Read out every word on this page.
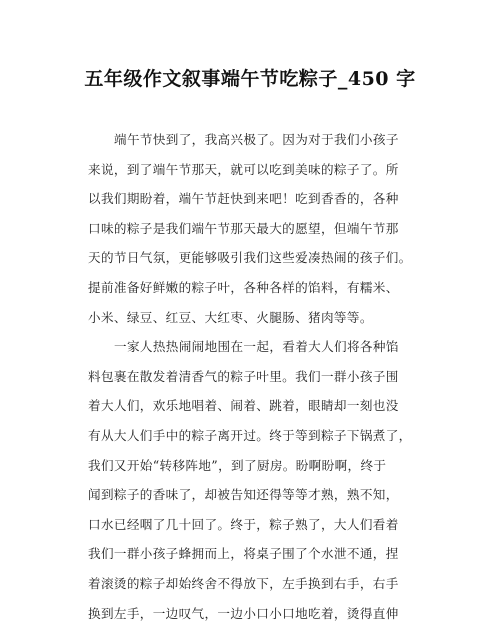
五年级作文叙事端午节吃粽子_450 字
端午节快到了，我高兴极了。因为对于我们小孩子
来说，到了端午节那天，就可以吃到美味的粽子了。所
以我们期盼着，端午节赶快到来吧！吃到香香的，各种
口味的粽子是我们端午节那天最大的愿望，但端午节那
天的节日气氛，更能够吸引我们这些爱凑热闹的孩子们。
提前准备好鲜嫩的粽子叶，各种各样的馅料，有糯米、
小米、绿豆、红豆、大红枣、火腿肠、猪肉等等。
一家人热热闹闹地围在一起，看着大人们将各种馅
料包裹在散发着清香气的粽子叶里。我们一群小孩子围
着大人们，欢乐地唱着、闹着、跳着，眼睛却一刻也没
有从大人们手中的粽子离开过。终于等到粽子下锅煮了，
我们又开始“转移阵地”，到了厨房。盼啊盼啊，终于
闻到粽子的香味了，却被告知还得等等才熟，熟不知，
口水已经咽了几十回了。终于，粽子熟了，大人们看着
我们一群小孩子蜂拥而上，将桌子围了个水泄不通，捏
着滚烫的粽子却始终舍不得放下，左手换到右手，右手
换到左手，一边叹气，一边小口小口地吃着，烫得直伸
